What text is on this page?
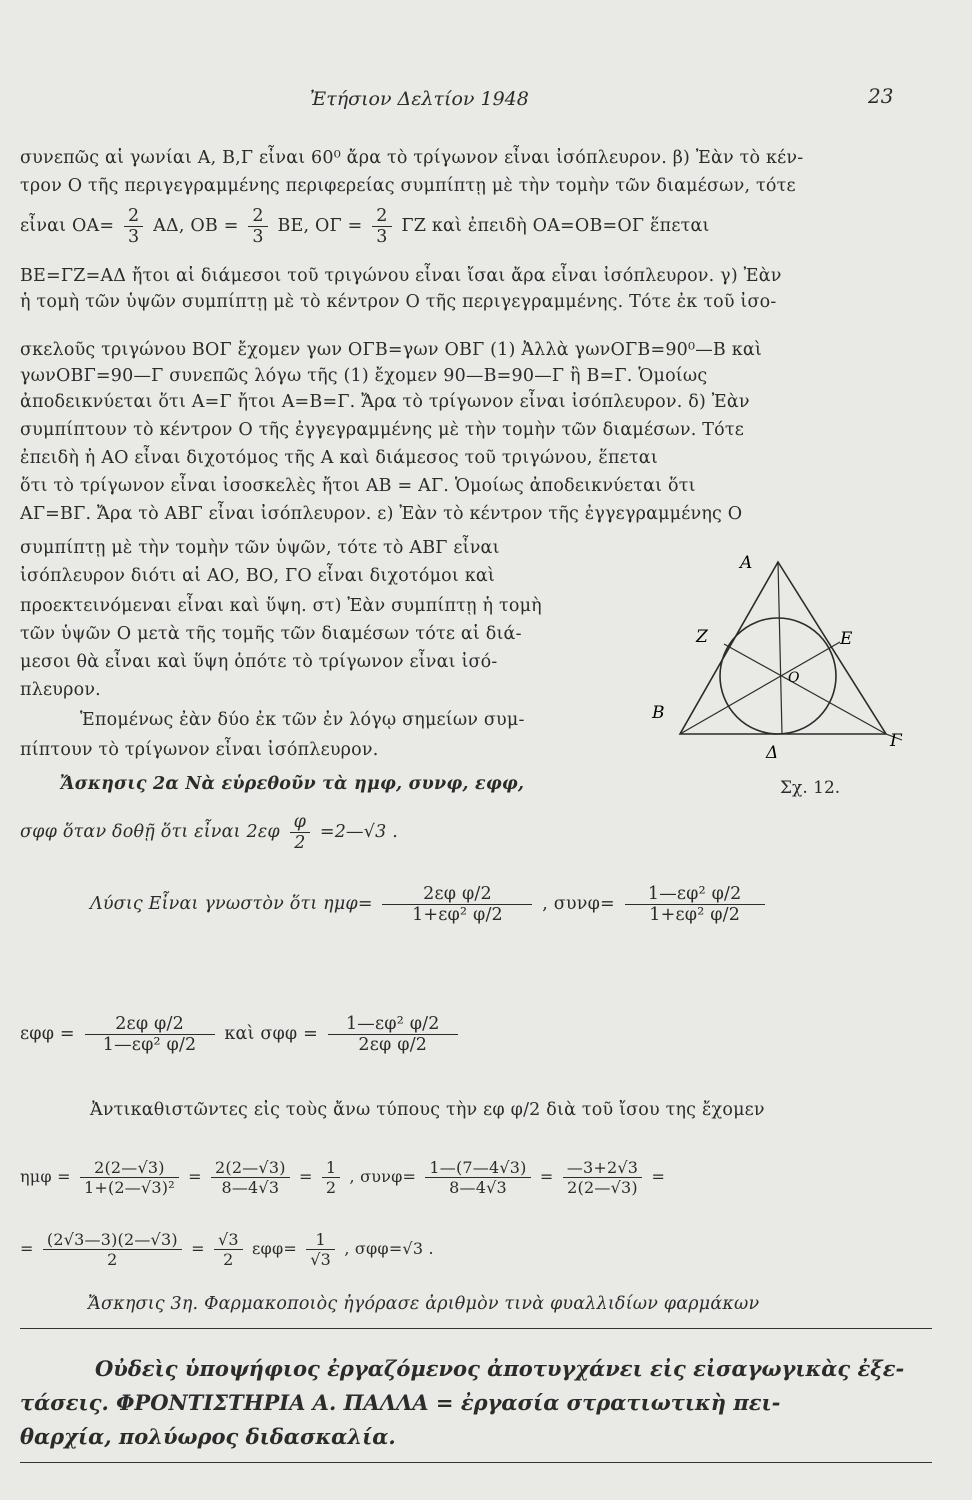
Ἐτήσιον Δελτίον 1948	23
συνεπῶς αἱ γωνίαι Α, Β,Γ εἶναι 60⁰ ἄρα τὸ τρίγωνον εἶναι ἰσόπλευρον. β) Ἐὰν τὸ κέν-
τρον Ο τῆς περιγεγραμμένης περιφερείας συμπίπτῃ μὲ τὴν τομὴν τῶν διαμέσων, τότε
εἶναι $OA= \frac{2}{3} A\Delta$, $OB = \frac{2}{3} BE$, $O\Gamma = \frac{2}{3}$ ΓΖ καὶ ἐπειδὴ ΟΑ=ΟΒ=ΟΓ ἕπεται
ΒΕ=ΓΖ=ΑΔ ἤτοι αἱ διάμεσοι τοῦ τριγώνου εἶναι ἴσαι ἄρα εἶναι ἰσόπλευρον. γ) Ἐὰν
ἡ τομὴ τῶν ὑψῶν συμπίπτῃ μὲ τὸ κέντρον Ο τῆς περιγεγραμμένης. Τότε ἐκ τοῦ ἰσο-
σκελοῦς τριγώνου ΒΟΓ ἔχομεν γων ΟΓΒ=γων ΟΒΓ (1) Ἀλλὰ γωνΟΓΒ=90⁰—Β καὶ
γωνΟΒΓ=90—Γ συνεπῶς λόγω τῆς (1) ἔχομεν 90—Β=90—Γ ἢ Β=Γ. Ὁμοίως
ἀποδεικνύεται ὅτι Α=Γ ἤτοι Α=Β=Γ. Ἄρα τὸ τρίγωνον εἶναι ἰσόπλευρον. δ) Ἐὰν
συμπίπτουν τὸ κέντρον Ο τῆς ἐγγεγραμμένης μὲ τὴν τομὴν τῶν διαμέσων. Τότε
ἐπειδὴ ἡ ΑΟ εἶναι διχοτόμος τῆς Α καὶ διάμεσος τοῦ τριγώνου, ἕπεται
ὅτι τὸ τρίγωνον εἶναι ἰσοσκελὲς ἤτοι ΑΒ = ΑΓ. Ὁμοίως ἀποδεικνύεται ὅτι
ΑΓ=ΒΓ. Ἄρα τὸ ΑΒΓ εἶναι ἰσόπλευρον. ε) Ἐὰν τὸ κέντρον τῆς ἐγγεγραμμένης Ο
συμπίπτῃ μὲ τὴν τομὴν τῶν ὑψῶν, τότε τὸ ΑΒΓ εἶναι
ἰσόπλευρον διότι αἱ ΑΟ, ΒΟ, ΓΟ εἶναι διχοτόμοι καὶ
προεκτεινόμεναι εἶναι καὶ ὕψη. στ) Ἐὰν συμπίπτῃ ἡ τομὴ
τῶν ὑψῶν Ο μετὰ τῆς τομῆς τῶν διαμέσων τότε αἱ διά-
μεσοι θὰ εἶναι καὶ ὕψη ὁπότε τὸ τρίγωνον εἶναι ἰσό-
πλευρον.
Ἑπομένως ἐὰν δύο ἐκ τῶν ἐν λόγῳ σημείων συμ-
πίπτουν τὸ τρίγωνον εἶναι ἰσόπλευρον.
Α
Β
Γ
Δ
Ε
Ζ
Ο
Σχ. 12.
Ἄσκησις 2α Νὰ εὑρεθοῦν τὰ ημφ, συνφ, εφφ,
σφφ ὅταν δοθῇ ὅτι εἶναι $2\varepsilon\varphi \frac{\varphi}{2}$ =2—√3 .
Λύσις Εἶναι γνωστὸν ὅτι $\eta\mu\varphi= \frac{\text{2εφ φ/2}}{\text{1+εφ² φ/2}}$ , $\sigma\upsilon\nu\varphi= \frac{\text{1—εφ² φ/2}}{\text{1+εφ² φ/2}}$
$\varepsilon\varphi\varphi = \frac{\text{2εφ φ/2}}{\text{1—εφ² φ/2}}$ καὶ $\sigma\varphi\varphi = \frac{\text{1—εφ² φ/2}}{\text{2εφ φ/2}}$
Ἀντικαθιστῶντες εἰς τοὺς ἄνω τύπους τὴν εφ φ/2 διὰ τοῦ ἴσου της ἔχομεν
$\eta\mu\varphi = \frac{2(2—√3)}{\text{1+(2—√3)²}} = \frac{2(2—√3)}{8—4√3} = \frac{1}{2}$ , $\sigma\upsilon\nu\varphi= \frac{1—(7—4√3)}{8—4√3} = \frac{—3+2√3}{2(2—√3)}$ =
= $\frac{(2√3—3)(2—√3)}{2} = \frac{√3}{2} \varepsilon\varphi\varphi= \frac{1}{√3}$ , σφφ=√3 .
Ἄσκησις 3η. Φαρμακοποιὸς ἠγόρασε ἀριθμὸν τινὰ φυαλλιδίων φαρμάκων
Οὐδεὶς ὑποψήφιος ἐργαζόμενος ἀποτυγχάνει εἰς εἰσαγωγικὰς ἐξε-
τάσεις. ΦΡΟΝΤΙΣΤΗΡΙΑ Α. ΠΑΛΛΑ = ἐργασία στρατιωτικὴ πει-
θαρχία, πολύωρος διδασκαλία.
